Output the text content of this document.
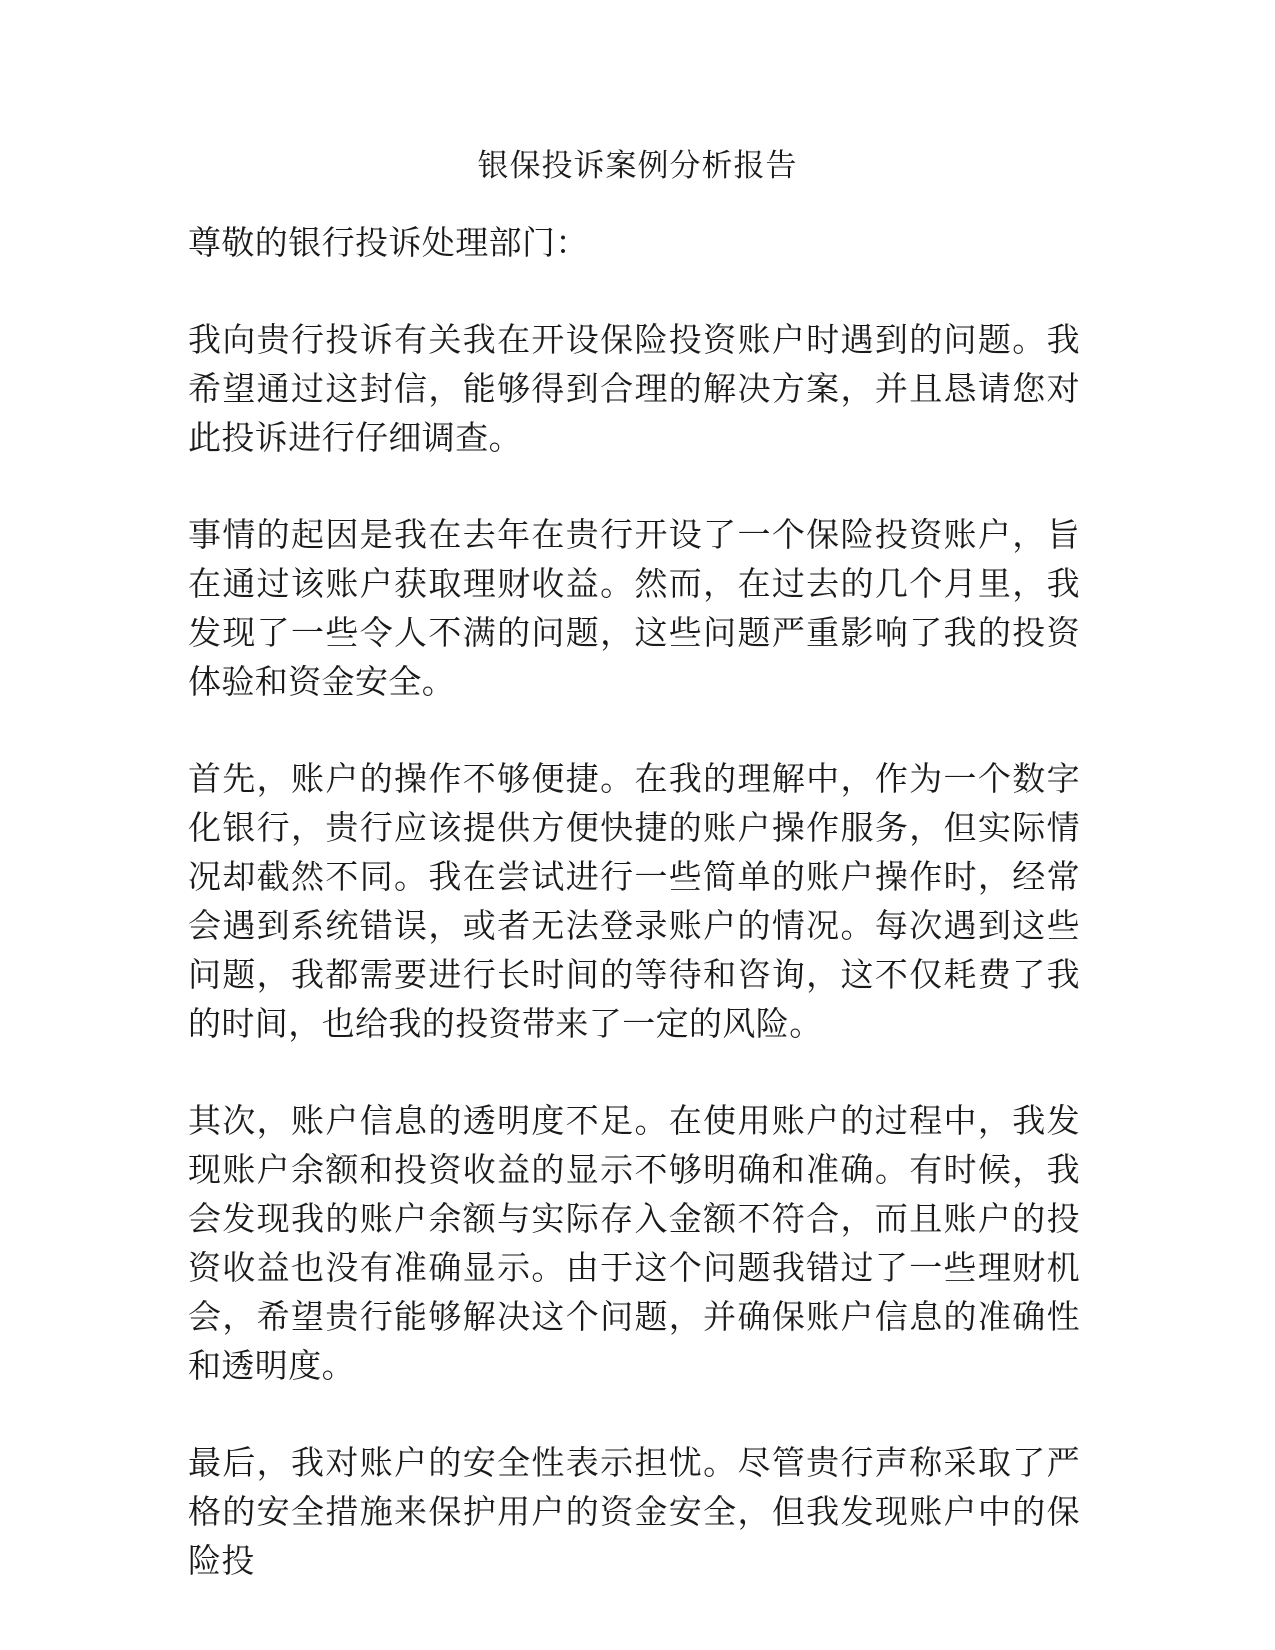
银保投诉案例分析报告

尊敬的银行投诉处理部门：

我向贵行投诉有关我在开设保险投资账户时遇到的问题。我希望通过这封信，能够得到合理的解决方案，并且恳请您对此投诉进行仔细调查。

事情的起因是我在去年在贵行开设了一个保险投资账户，旨在通过该账户获取理财收益。然而，在过去的几个月里，我发现了一些令人不满的问题，这些问题严重影响了我的投资体验和资金安全。

首先，账户的操作不够便捷。在我的理解中，作为一个数字化银行，贵行应该提供方便快捷的账户操作服务，但实际情况却截然不同。我在尝试进行一些简单的账户操作时，经常会遇到系统错误，或者无法登录账户的情况。每次遇到这些问题，我都需要进行长时间的等待和咨询，这不仅耗费了我的时间，也给我的投资带来了一定的风险。

其次，账户信息的透明度不足。在使用账户的过程中，我发现账户余额和投资收益的显示不够明确和准确。有时候，我会发现我的账户余额与实际存入金额不符合，而且账户的投资收益也没有准确显示。由于这个问题我错过了一些理财机会，希望贵行能够解决这个问题，并确保账户信息的准确性和透明度。

最后，我对账户的安全性表示担忧。尽管贵行声称采取了严格的安全措施来保护用户的资金安全，但我发现账户中的保险投
